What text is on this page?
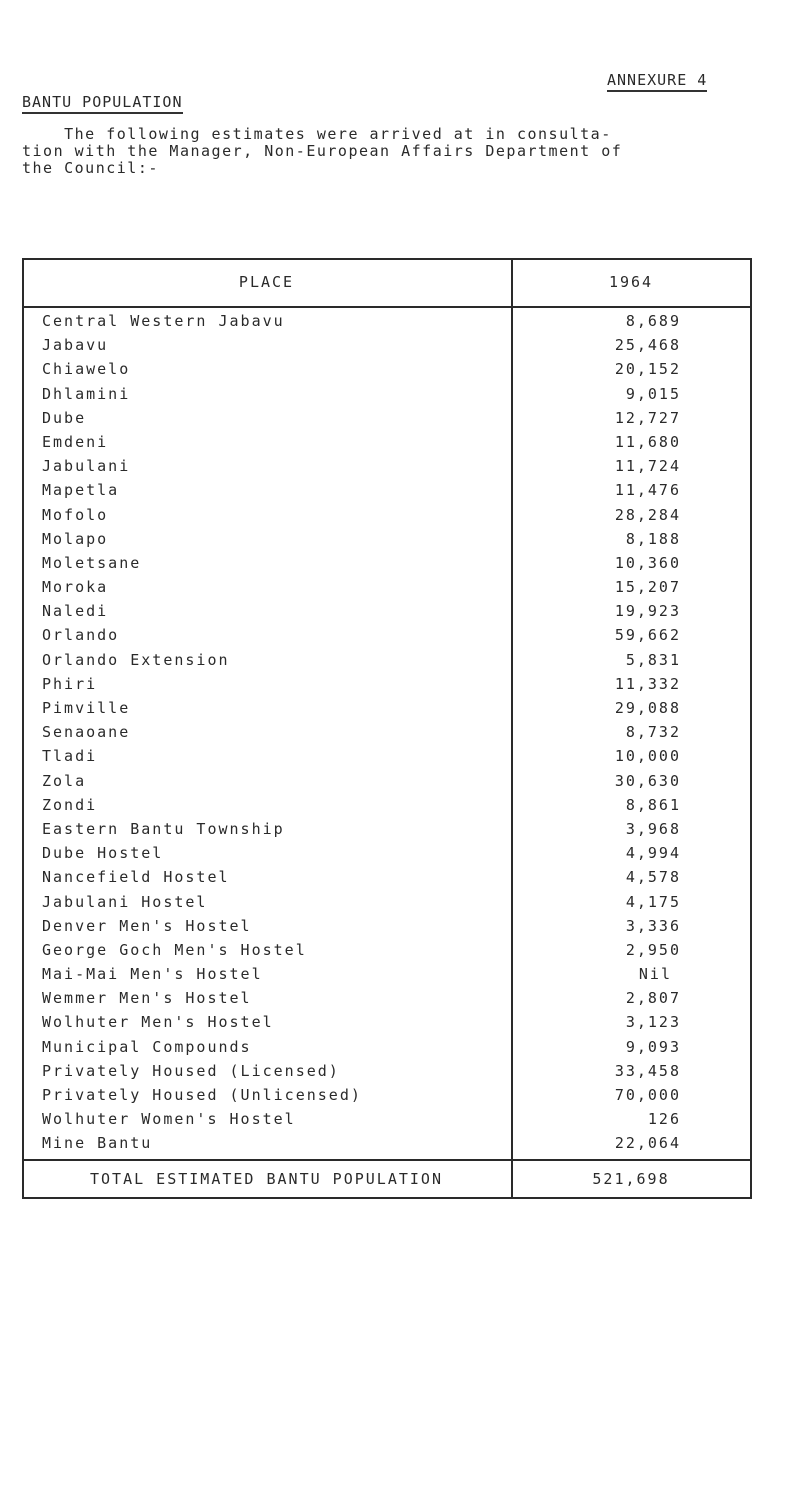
ANNEXURE 4
BANTU POPULATION
The following estimates were arrived at in consulta-
tion with the Manager, Non-European Affairs Department of
the Council:-
PLACE	1964
Central Western Jabavu	8,689
Jabavu	25,468
Chiawelo	20,152
Dhlamini	9,015
Dube	12,727
Emdeni	11,680
Jabulani	11,724
Mapetla	11,476
Mofolo	28,284
Molapo	8,188
Moletsane	10,360
Moroka	15,207
Naledi	19,923
Orlando	59,662
Orlando Extension	5,831
Phiri	11,332
Pimville	29,088
Senaoane	8,732
Tladi	10,000
Zola	30,630
Zondi	8,861
Eastern Bantu Township	3,968
Dube Hostel	4,994
Nancefield Hostel	4,578
Jabulani Hostel	4,175
Denver Men's Hostel	3,336
George Goch Men's Hostel	2,950
Mai-Mai Men's Hostel	Nil
Wemmer Men's Hostel	2,807
Wolhuter Men's Hostel	3,123
Municipal Compounds	9,093
Privately Housed (Licensed)	33,458
Privately Housed (Unlicensed)	70,000
Wolhuter Women's Hostel	126
Mine Bantu	22,064
TOTAL ESTIMATED BANTU POPULATION	521,698
